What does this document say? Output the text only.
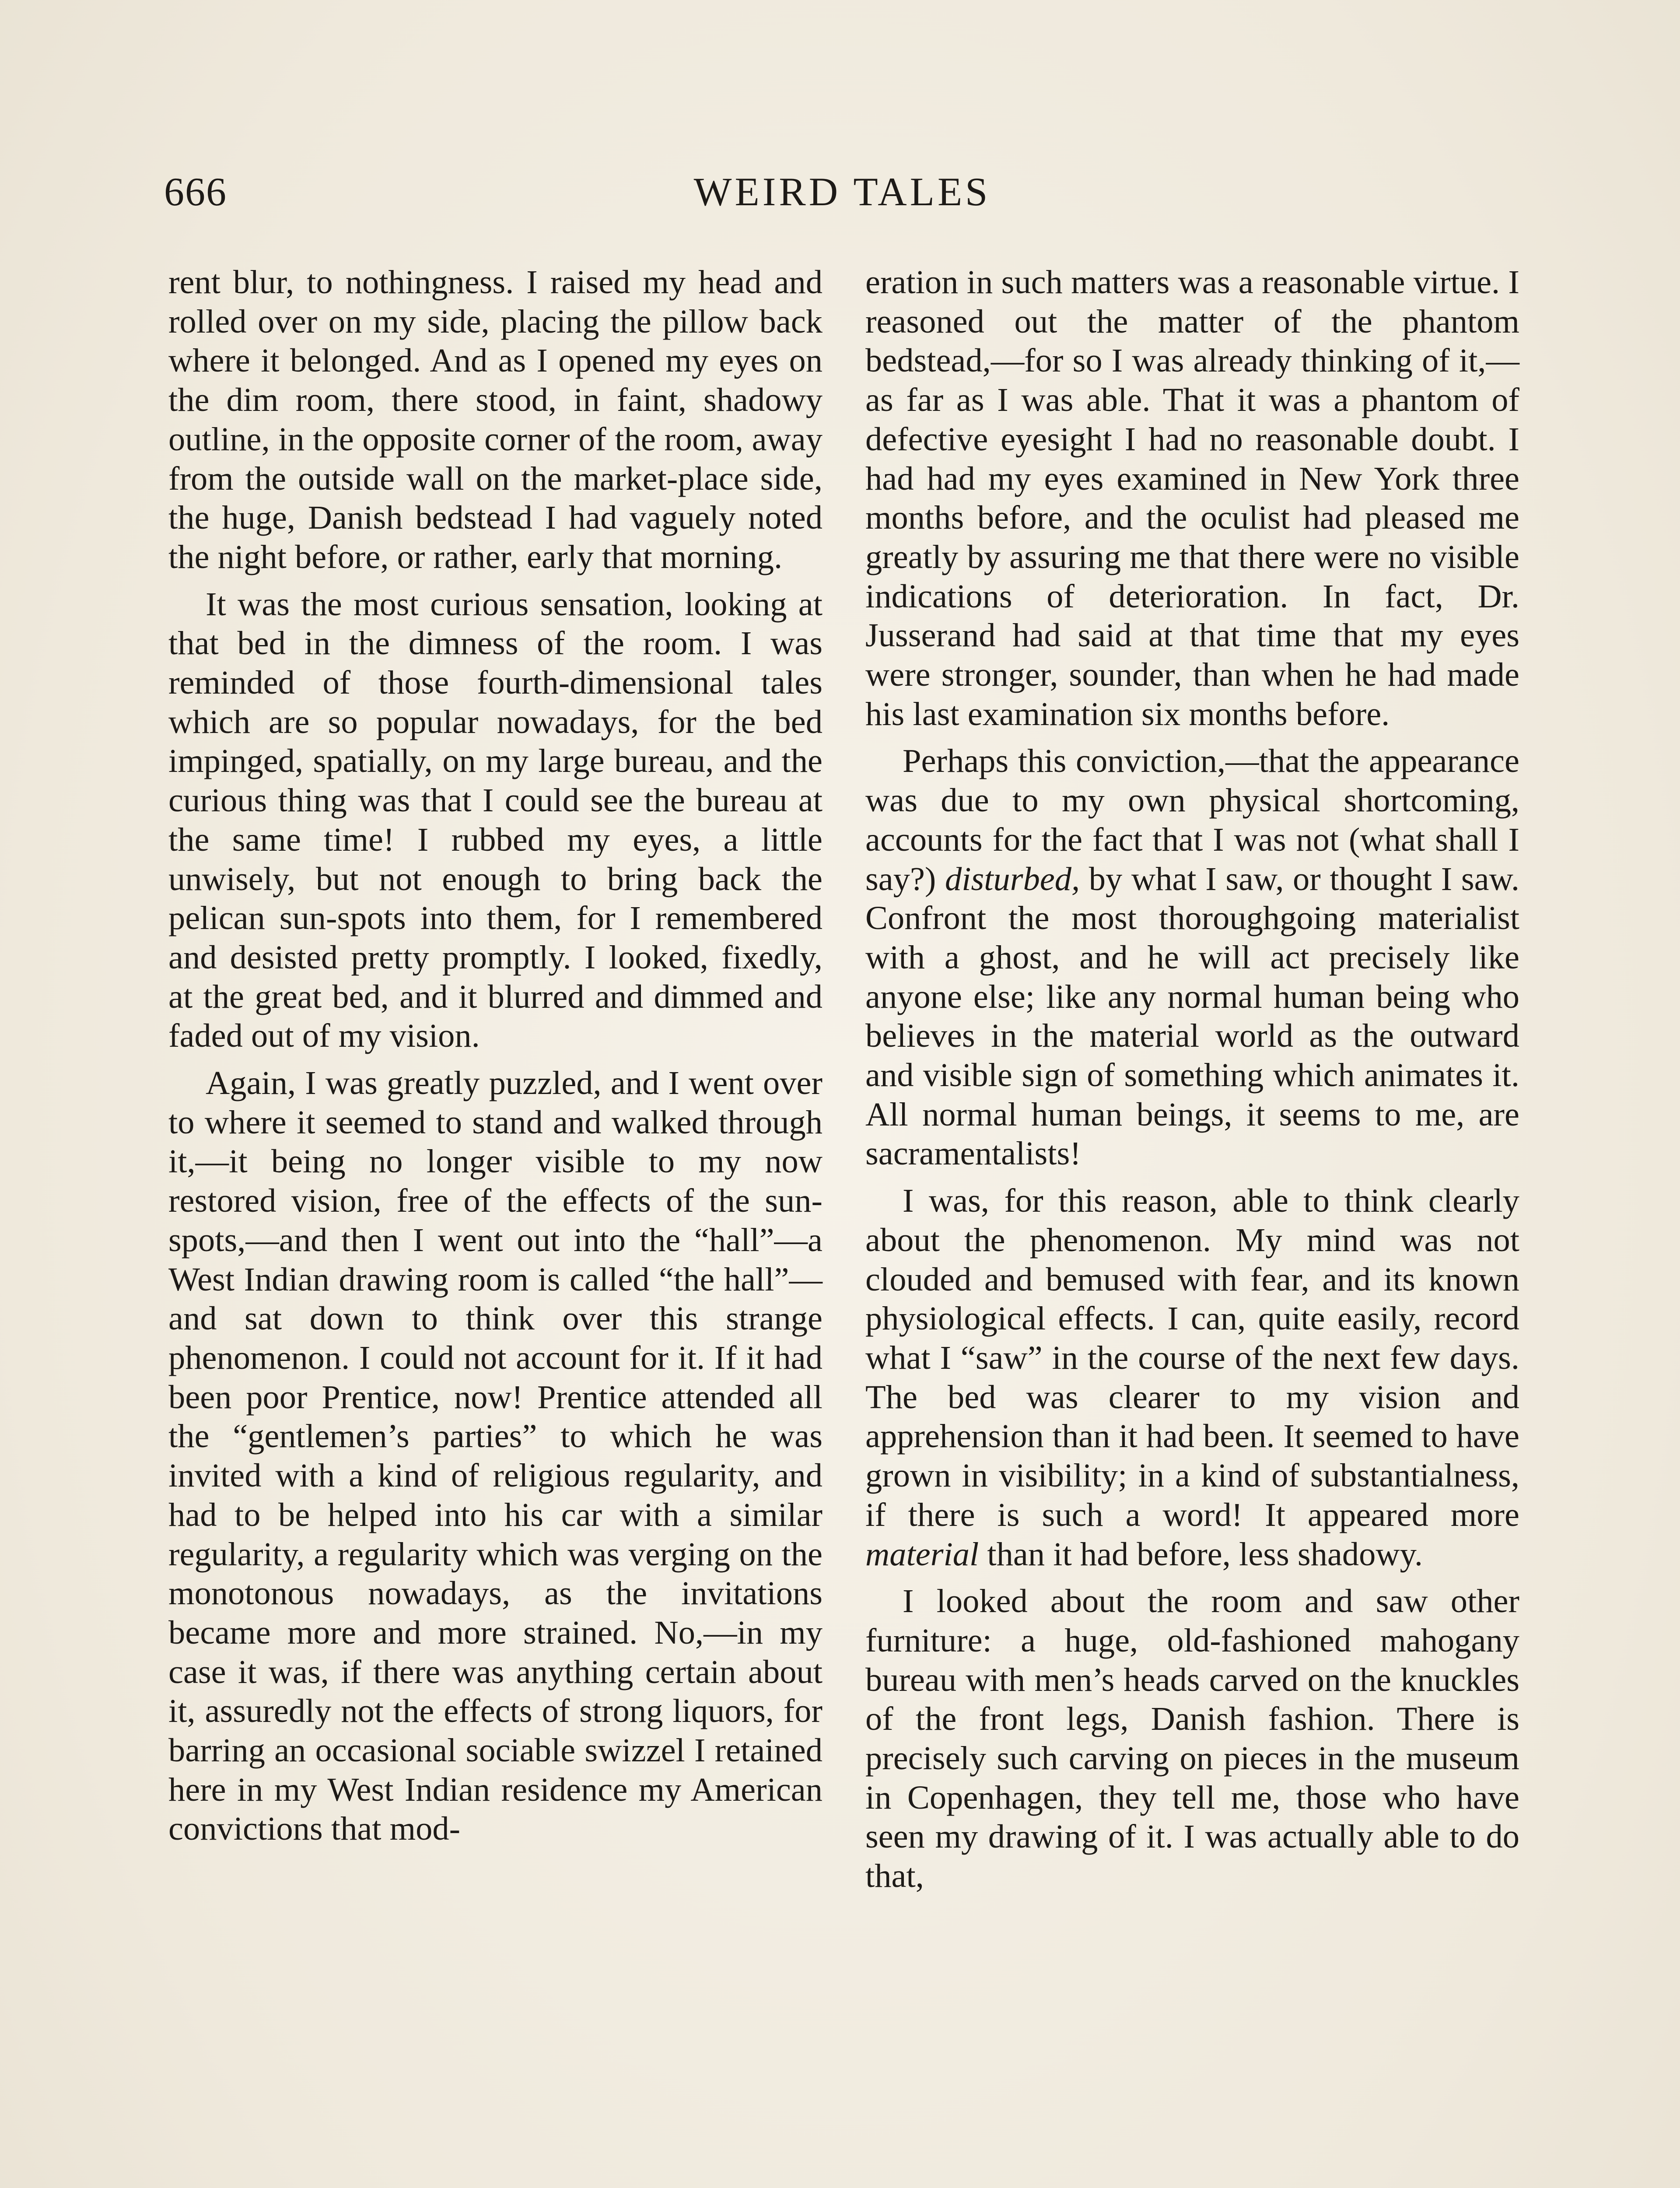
666	WEIRD TALES

rent blur, to nothingness. I raised my head and rolled over on my side, placing the pillow back where it belonged. And as I opened my eyes on the dim room, there stood, in faint, shadowy outline, in the opposite corner of the room, away from the outside wall on the market-place side, the huge, Danish bedstead I had vaguely noted the night before, or rather, early that morning.

It was the most curious sensation, looking at that bed in the dimness of the room. I was reminded of those fourth-dimensional tales which are so popular nowadays, for the bed impinged, spatially, on my large bureau, and the curious thing was that I could see the bureau at the same time! I rubbed my eyes, a little unwisely, but not enough to bring back the pelican sun-spots into them, for I remembered and desisted pretty promptly. I looked, fixedly, at the great bed, and it blurred and dimmed and faded out of my vision.

Again, I was greatly puzzled, and I went over to where it seemed to stand and walked through it,—it being no longer visible to my now restored vision, free of the effects of the sun-spots,—and then I went out into the “hall”—a West Indian drawing room is called “the hall”—and sat down to think over this strange phenomenon. I could not account for it. If it had been poor Prentice, now! Prentice attended all the “gentlemen’s parties” to which he was invited with a kind of religious regularity, and had to be helped into his car with a similar regularity, a regularity which was verging on the monotonous nowadays, as the invitations became more and more strained. No,—in my case it was, if there was anything certain about it, assuredly not the effects of strong liquors, for barring an occasional sociable swizzel I retained here in my West Indian residence my American convictions that mod-

eration in such matters was a reasonable virtue. I reasoned out the matter of the phantom bedstead,—for so I was already thinking of it,—as far as I was able. That it was a phantom of defective eyesight I had no reasonable doubt. I had had my eyes examined in New York three months before, and the oculist had pleased me greatly by assuring me that there were no visible indications of deterioration. In fact, Dr. Jusserand had said at that time that my eyes were stronger, sounder, than when he had made his last examination six months before.

Perhaps this conviction,—that the appearance was due to my own physical shortcoming, accounts for the fact that I was not (what shall I say?) disturbed, by what I saw, or thought I saw. Confront the most thoroughgoing materialist with a ghost, and he will act precisely like anyone else; like any normal human being who believes in the material world as the outward and visible sign of something which animates it. All normal human beings, it seems to me, are sacramentalists!

I was, for this reason, able to think clearly about the phenomenon. My mind was not clouded and bemused with fear, and its known physiological effects. I can, quite easily, record what I “saw” in the course of the next few days. The bed was clearer to my vision and apprehension than it had been. It seemed to have grown in visibility; in a kind of substantialness, if there is such a word! It appeared more material than it had before, less shadowy.

I looked about the room and saw other furniture: a huge, old-fashioned mahogany bureau with men’s heads carved on the knuckles of the front legs, Danish fashion. There is precisely such carving on pieces in the museum in Copenhagen, they tell me, those who have seen my drawing of it. I was actually able to do that,
